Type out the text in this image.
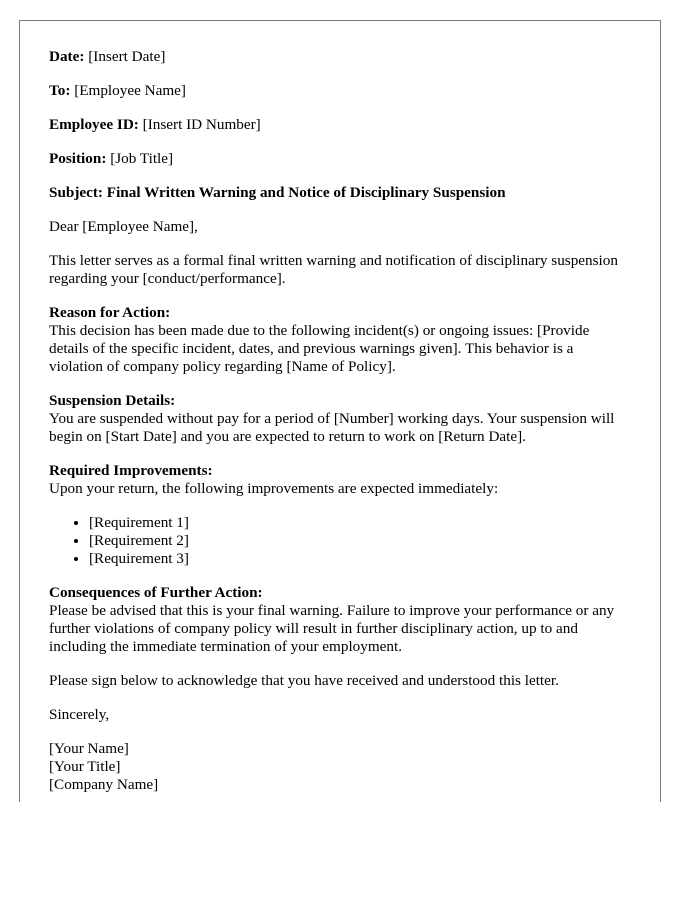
Date: [Insert Date]

To: [Employee Name]

Employee ID: [Insert ID Number]

Position: [Job Title]

Subject: Final Written Warning and Notice of Disciplinary Suspension

Dear [Employee Name],

This letter serves as a formal final written warning and notification of disciplinary suspension regarding your [conduct/performance].

Reason for Action:
This decision has been made due to the following incident(s) or ongoing issues: [Provide details of the specific incident, dates, and previous warnings given]. This behavior is a violation of company policy regarding [Name of Policy].

Suspension Details:
You are suspended without pay for a period of [Number] working days. Your suspension will begin on [Start Date] and you are expected to return to work on [Return Date].

Required Improvements:
Upon your return, the following improvements are expected immediately:

• [Requirement 1]
• [Requirement 2]
• [Requirement 3]

Consequences of Further Action:
Please be advised that this is your final warning. Failure to improve your performance or any further violations of company policy will result in further disciplinary action, up to and including the immediate termination of your employment.

Please sign below to acknowledge that you have received and understood this letter.

Sincerely,

[Your Name]
[Your Title]
[Company Name]
